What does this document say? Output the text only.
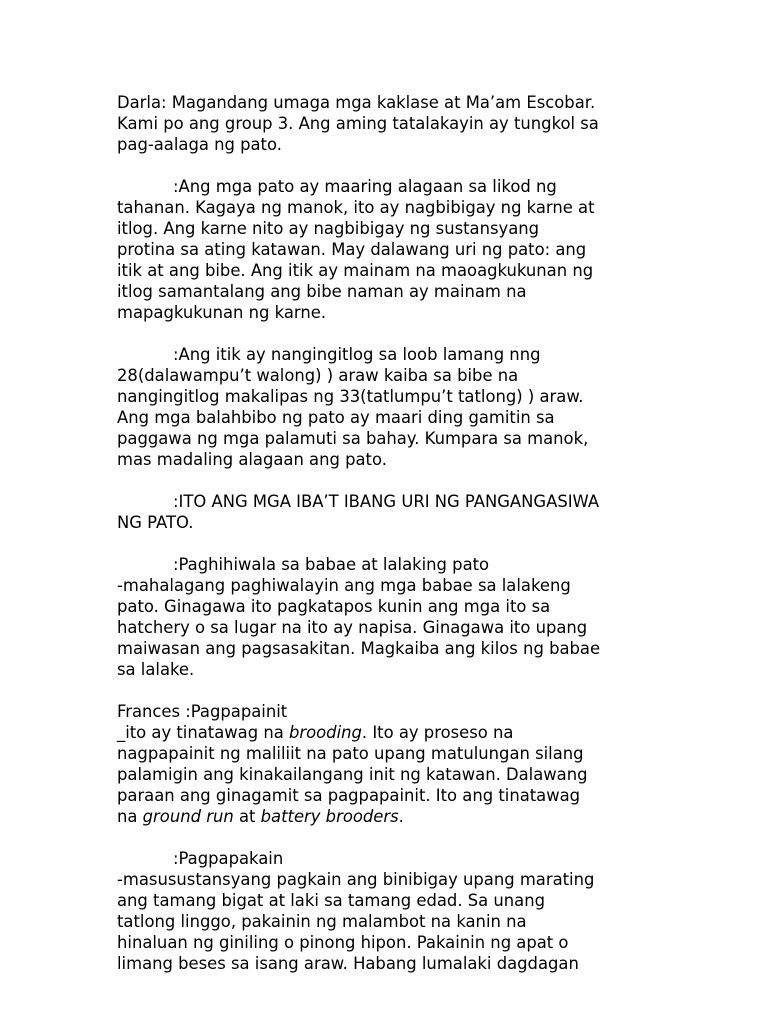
Darla: Magandang umaga mga kaklase at Ma’am Escobar.
Kami po ang group 3. Ang aming tatalakayin ay tungkol sa
pag-aalaga ng pato.
:Ang mga pato ay maaring alagaan sa likod ng
tahanan. Kagaya ng manok, ito ay nagbibigay ng karne at
itlog. Ang karne nito ay nagbibigay ng sustansyang
protina sa ating katawan. May dalawang uri ng pato: ang
itik at ang bibe. Ang itik ay mainam na maoagkukunan ng
itlog samantalang ang bibe naman ay mainam na
mapagkukunan ng karne.
:Ang itik ay nangingitlog sa loob lamang nng
28(dalawampu’t walong) ) araw kaiba sa bibe na
nangingitlog makalipas ng 33(tatlumpu’t tatlong) ) araw.
Ang mga balahbibo ng pato ay maari ding gamitin sa
paggawa ng mga palamuti sa bahay. Kumpara sa manok,
mas madaling alagaan ang pato.
:ITO ANG MGA IBA’T IBANG URI NG PANGANGASIWA
NG PATO.
:Paghihiwala sa babae at lalaking pato
-mahalagang paghiwalayin ang mga babae sa lalakeng
pato. Ginagawa ito pagkatapos kunin ang mga ito sa
hatchery o sa lugar na ito ay napisa. Ginagawa ito upang
maiwasan ang pagsasakitan. Magkaiba ang kilos ng babae
sa lalake.
Frances :Pagpapainit
_ito ay tinatawag na brooding. Ito ay proseso na
nagpapainit ng maliliit na pato upang matulungan silang
palamigin ang kinakailangang init ng katawan. Dalawang
paraan ang ginagamit sa pagpapainit. Ito ang tinatawag
na ground run at battery brooders.
:Pagpapakain
-masusustansyang pagkain ang binibigay upang marating
ang tamang bigat at laki sa tamang edad. Sa unang
tatlong linggo, pakainin ng malambot na kanin na
hinaluan ng giniling o pinong hipon. Pakainin ng apat o
limang beses sa isang araw. Habang lumalaki dagdagan
